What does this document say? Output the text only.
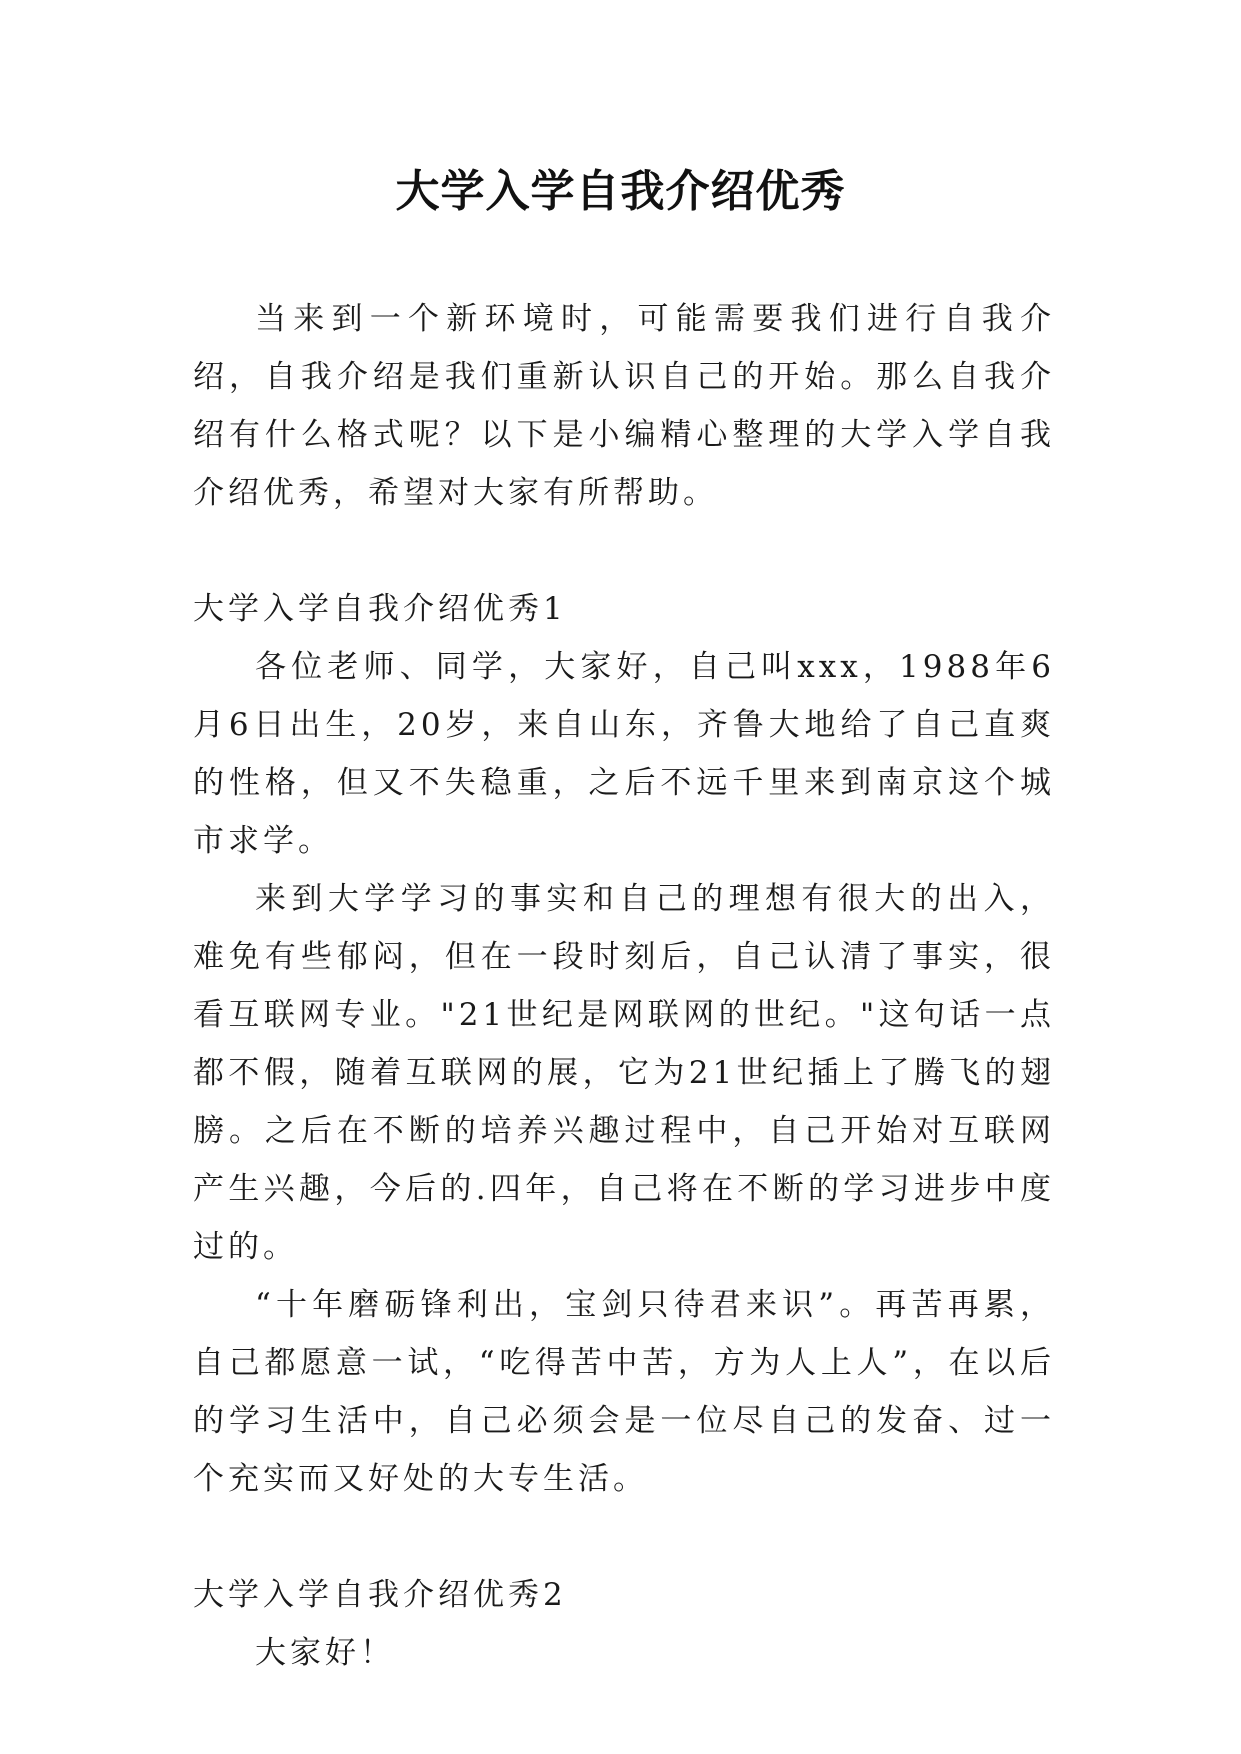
大学入学自我介绍优秀

当来到一个新环境时，可能需要我们进行自我介绍，自我介绍是我们重新认识自己的开始。那么自我介绍有什么格式呢？以下是小编精心整理的大学入学自我介绍优秀，希望对大家有所帮助。

大学入学自我介绍优秀1

各位老师、同学，大家好，自己叫xxx，1988年6月6日出生，20岁，来自山东，齐鲁大地给了自己直爽的性格，但又不失稳重，之后不远千里来到南京这个城市求学。

来到大学学习的事实和自己的理想有很大的出入，难免有些郁闷，但在一段时刻后，自己认清了事实，很看互联网专业。"21世纪是网联网的世纪。"这句话一点都不假，随着互联网的展，它为21世纪插上了腾飞的翅膀。之后在不断的培养兴趣过程中，自己开始对互联网产生兴趣，今后的.四年，自己将在不断的学习进步中度过的。

“十年磨砺锋利出，宝剑只待君来识”。再苦再累，自己都愿意一试，“吃得苦中苦，方为人上人”，在以后的学习生活中，自己必须会是一位尽自己的发奋、过一个充实而又好处的大专生活。

大学入学自我介绍优秀2

大家好！
